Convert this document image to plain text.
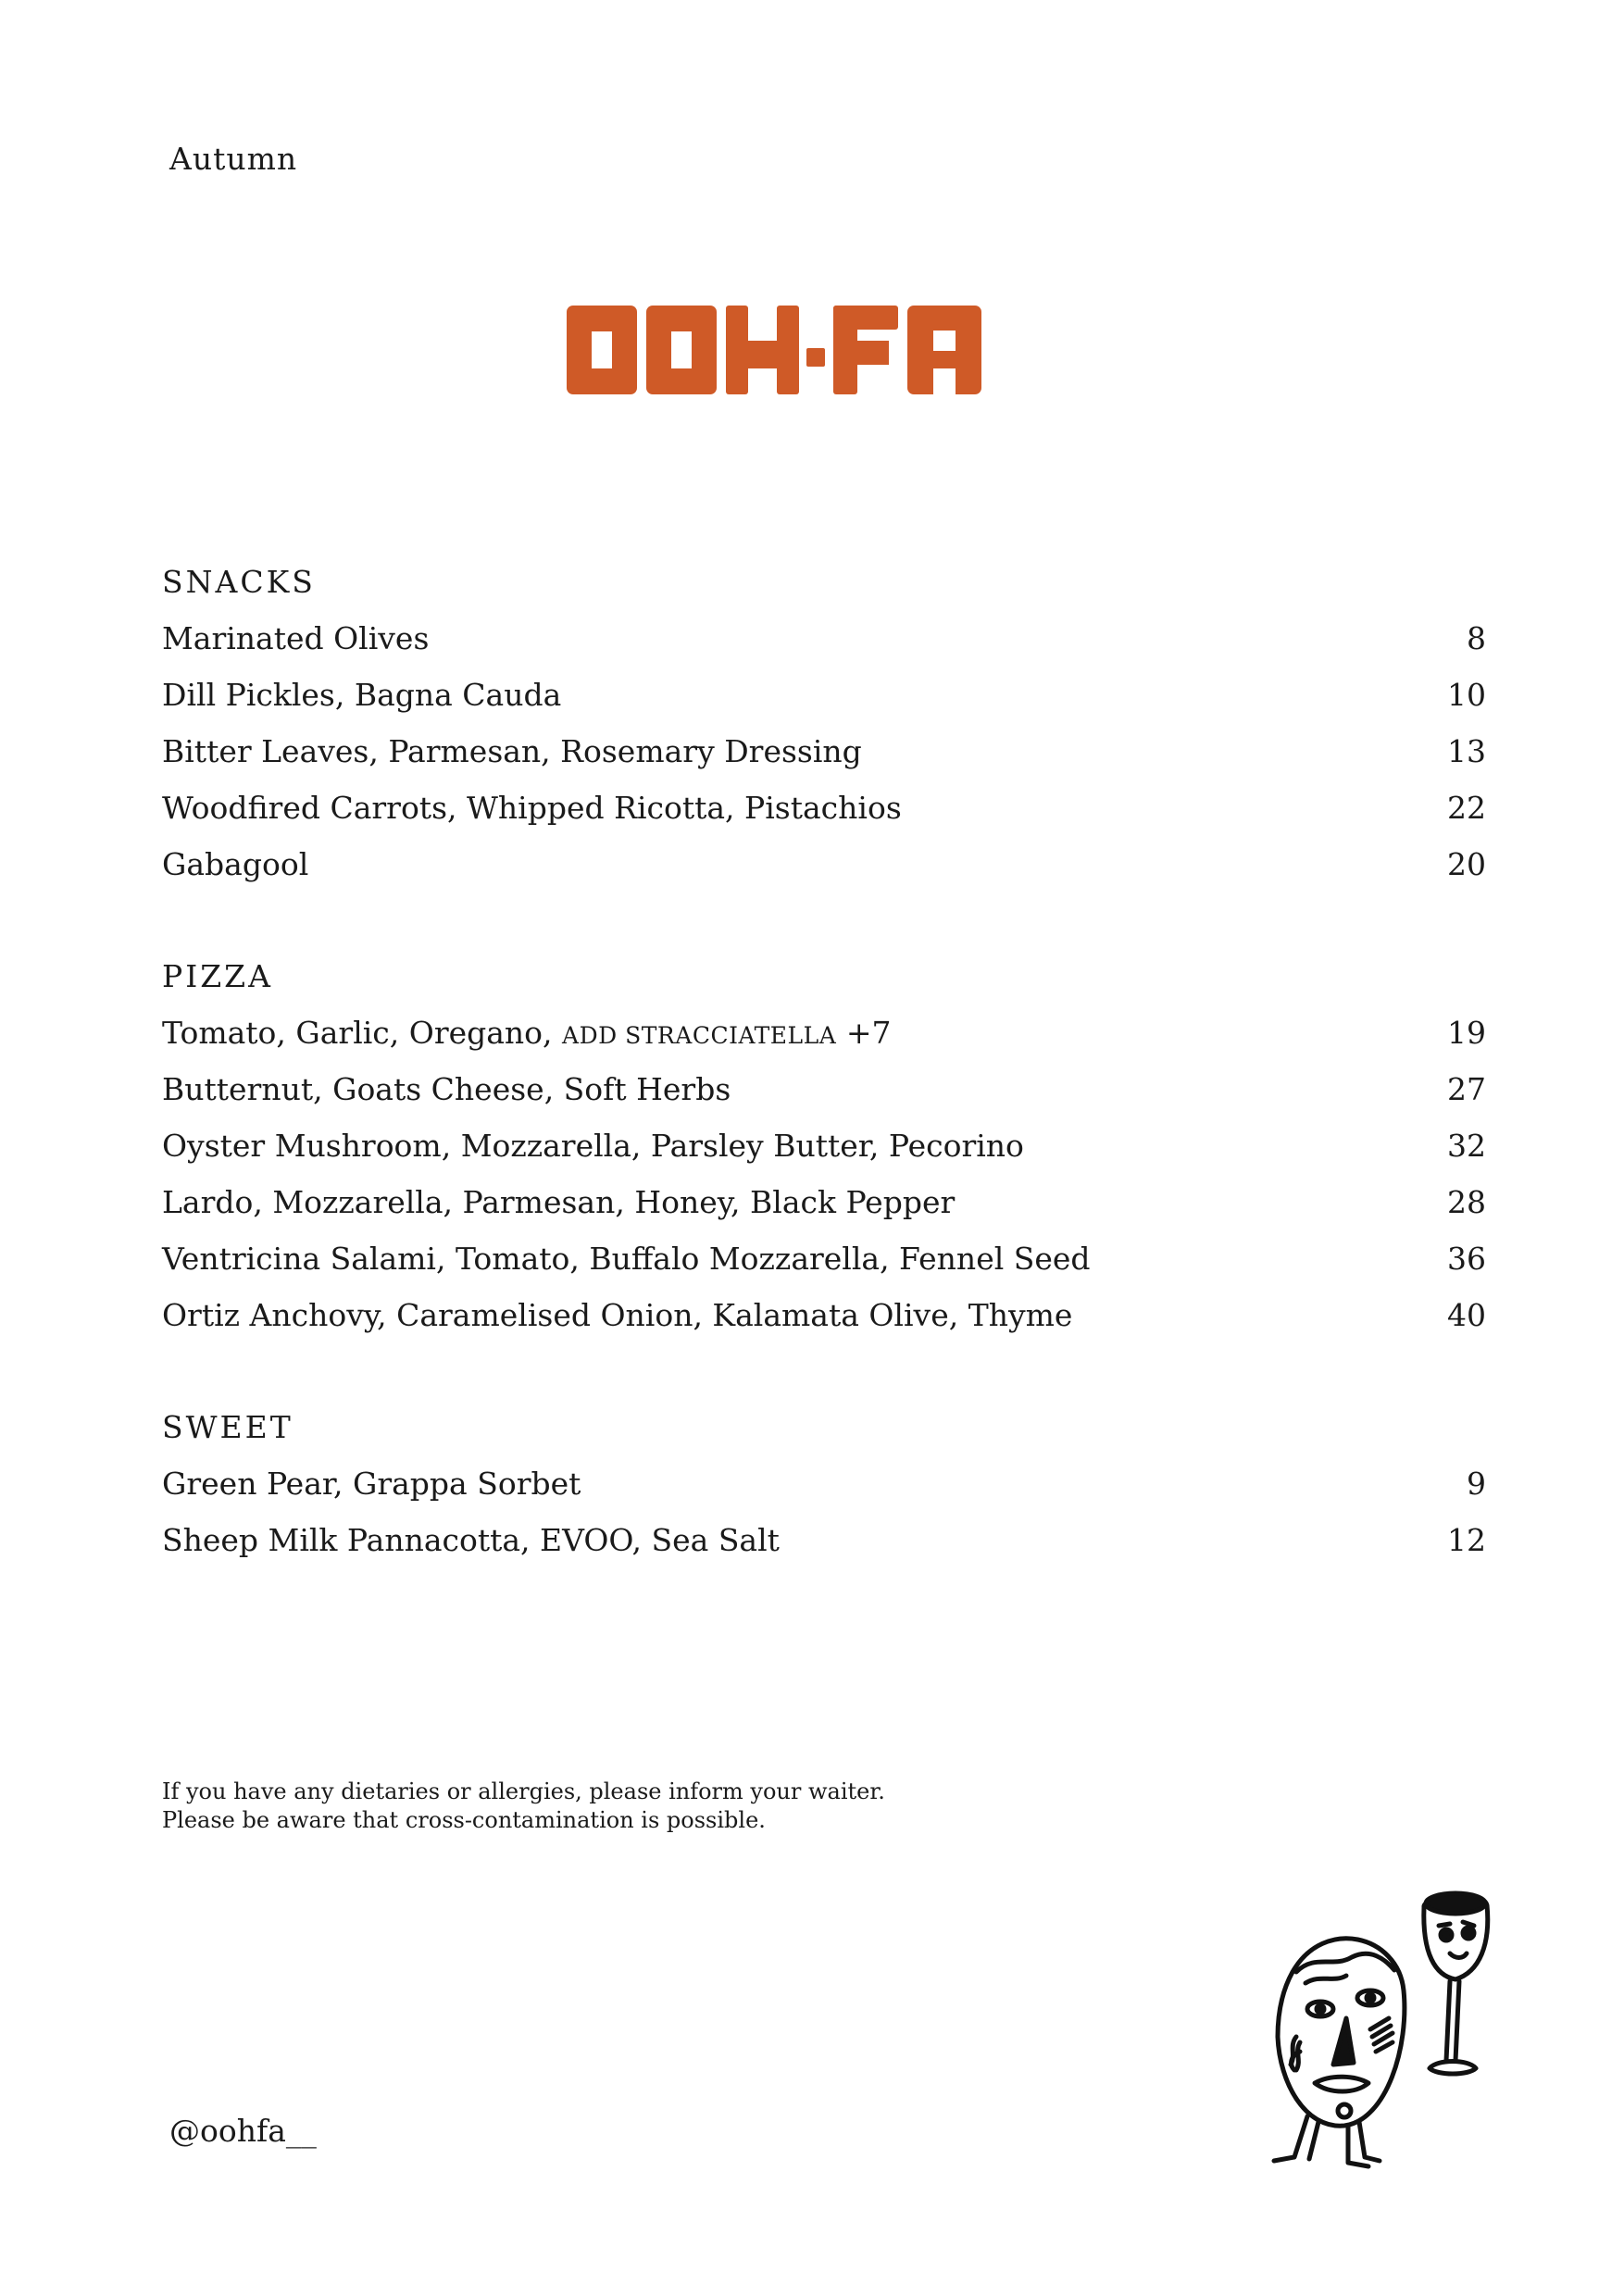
Autumn
SNACKS
Marinated Olives	8
Dill Pickles, Bagna Cauda	10
Bitter Leaves, Parmesan, Rosemary Dressing	13
Woodfired Carrots, Whipped Ricotta, Pistachios	22
Gabagool	20
PIZZA
Tomato, Garlic, Oregano, ADD STRACCIATELLA +7	19
Butternut, Goats Cheese, Soft Herbs	27
Oyster Mushroom, Mozzarella, Parsley Butter, Pecorino	32
Lardo, Mozzarella, Parmesan, Honey, Black Pepper	28
Ventricina Salami, Tomato, Buffalo Mozzarella, Fennel Seed	36
Ortiz Anchovy, Caramelised Onion, Kalamata Olive, Thyme	40
SWEET
Green Pear, Grappa Sorbet	9
Sheep Milk Pannacotta, EVOO, Sea Salt	12
If you have any dietaries or allergies, please inform your waiter.
Please be aware that cross-contamination is possible.
@oohfa__
